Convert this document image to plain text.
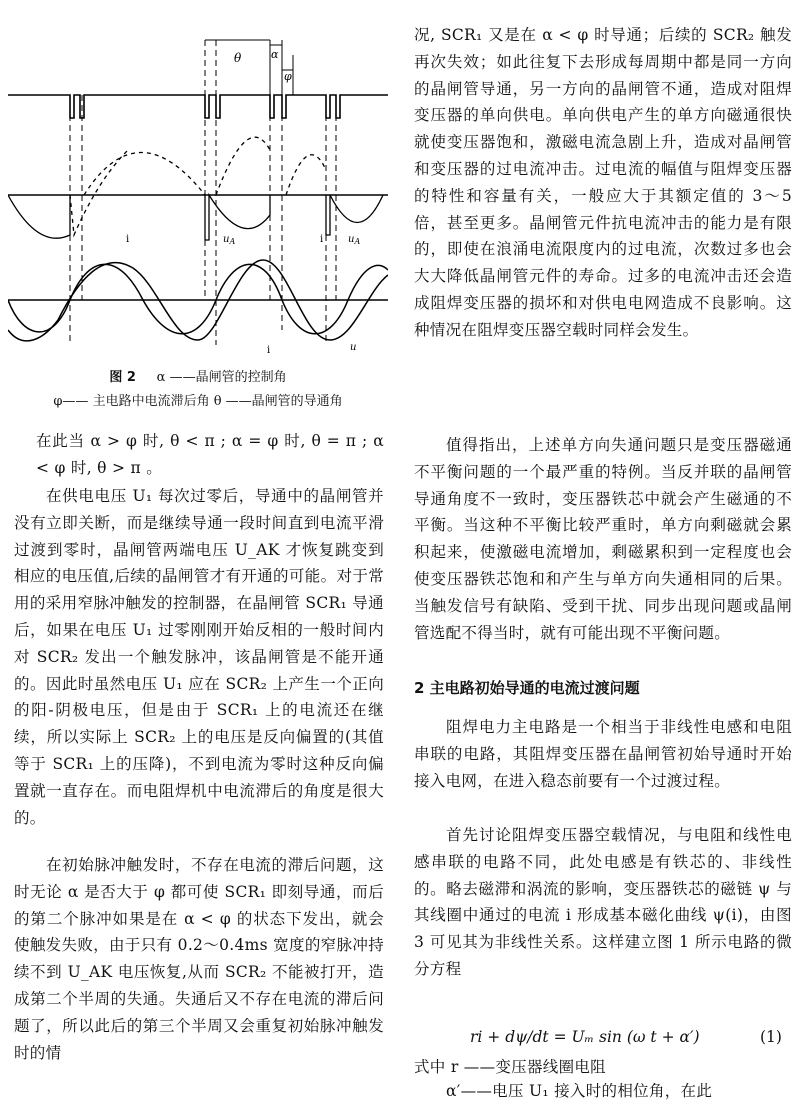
θ	α
φ
i	$u_A$	i $u_A$
i	u
图 2 α ——晶闸管的控制角
φ—— 主电路中电流滞后角 θ ——晶闸管的导通角

在此当 α > φ 时, θ < π ; α = φ 时, θ = π ; α < φ 时, θ > π 。

在供电电压 U₁ 每次过零后，导通中的晶闸管并没有立即关断，而是继续导通一段时间直到电流平滑过渡到零时，晶闸管两端电压 U_AK 才恢复跳变到相应的电压值,后续的晶闸管才有开通的可能。对于常用的采用窄脉冲触发的控制器，在晶闸管 SCR₁ 导通后，如果在电压 U₁ 过零刚刚开始反相的一般时间内对 SCR₂ 发出一个触发脉冲，该晶闸管是不能开通的。因此时虽然电压 U₁ 应在 SCR₂ 上产生一个正向的阳-阴极电压，但是由于 SCR₁ 上的电流还在继续，所以实际上 SCR₂ 上的电压是反向偏置的(其值等于 SCR₁ 上的压降)，不到电流为零时这种反向偏置就一直存在。而电阻焊机中电流滞后的角度是很大的。

在初始脉冲触发时，不存在电流的滞后问题，这时无论 α 是否大于 φ 都可使 SCR₁ 即刻导通，而后的第二个脉冲如果是在 α < φ 的状态下发出，就会使触发失败，由于只有 0.2～0.4ms 宽度的窄脉冲持续不到 U_AK 电压恢复,从而 SCR₂ 不能被打开，造成第二个半周的失通。失通后又不存在电流的滞后问题了，所以此后的第三个半周又会重复初始脉冲触发时的情

况, SCR₁ 又是在 α < φ 时导通；后续的 SCR₂ 触发再次失效；如此往复下去形成每周期中都是同一方向的晶闸管导通，另一方向的晶闸管不通，造成对阻焊变压器的单向供电。单向供电产生的单方向磁通很快就使变压器饱和，激磁电流急剧上升，造成对晶闸管和变压器的过电流冲击。过电流的幅值与阻焊变压器的特性和容量有关，一般应大于其额定值的 3～5 倍，甚至更多。晶闸管元件抗电流冲击的能力是有限的，即使在浪涌电流限度内的过电流，次数过多也会大大降低晶闸管元件的寿命。过多的电流冲击还会造成阻焊变压器的损坏和对供电电网造成不良影响。这种情况在阻焊变压器空载时同样会发生。

值得指出，上述单方向失通问题只是变压器磁通不平衡问题的一个最严重的特例。当反并联的晶闸管导通角度不一致时，变压器铁芯中就会产生磁通的不平衡。当这种不平衡比较严重时，单方向剩磁就会累积起来，使激磁电流增加，剩磁累积到一定程度也会使变压器铁芯饱和和产生与单方向失通相同的后果。当触发信号有缺陷、受到干扰、同步出现问题或晶闸管选配不得当时，就有可能出现不平衡问题。

2 主电路初始导通的电流过渡问题

阻焊电力主电路是一个相当于非线性电感和电阻串联的电路，其阻焊变压器在晶闸管初始导通时开始接入电网，在进入稳态前要有一个过渡过程。

首先讨论阻焊变压器空载情况，与电阻和线性电感串联的电路不同，此处电感是有铁芯的、非线性的。略去磁滞和涡流的影响，变压器铁芯的磁链 ψ 与其线圈中通过的电流 i 形成基本磁化曲线 ψ(i)，由图 3 可见其为非线性关系。这样建立图 1 所示电路的微分方程

ri + dψ/dt = Uₘ sin (ω t + α′)	(1)
式中 r ——变压器线圈电阻
α′——电压 U₁ 接入时的相位角，在此
